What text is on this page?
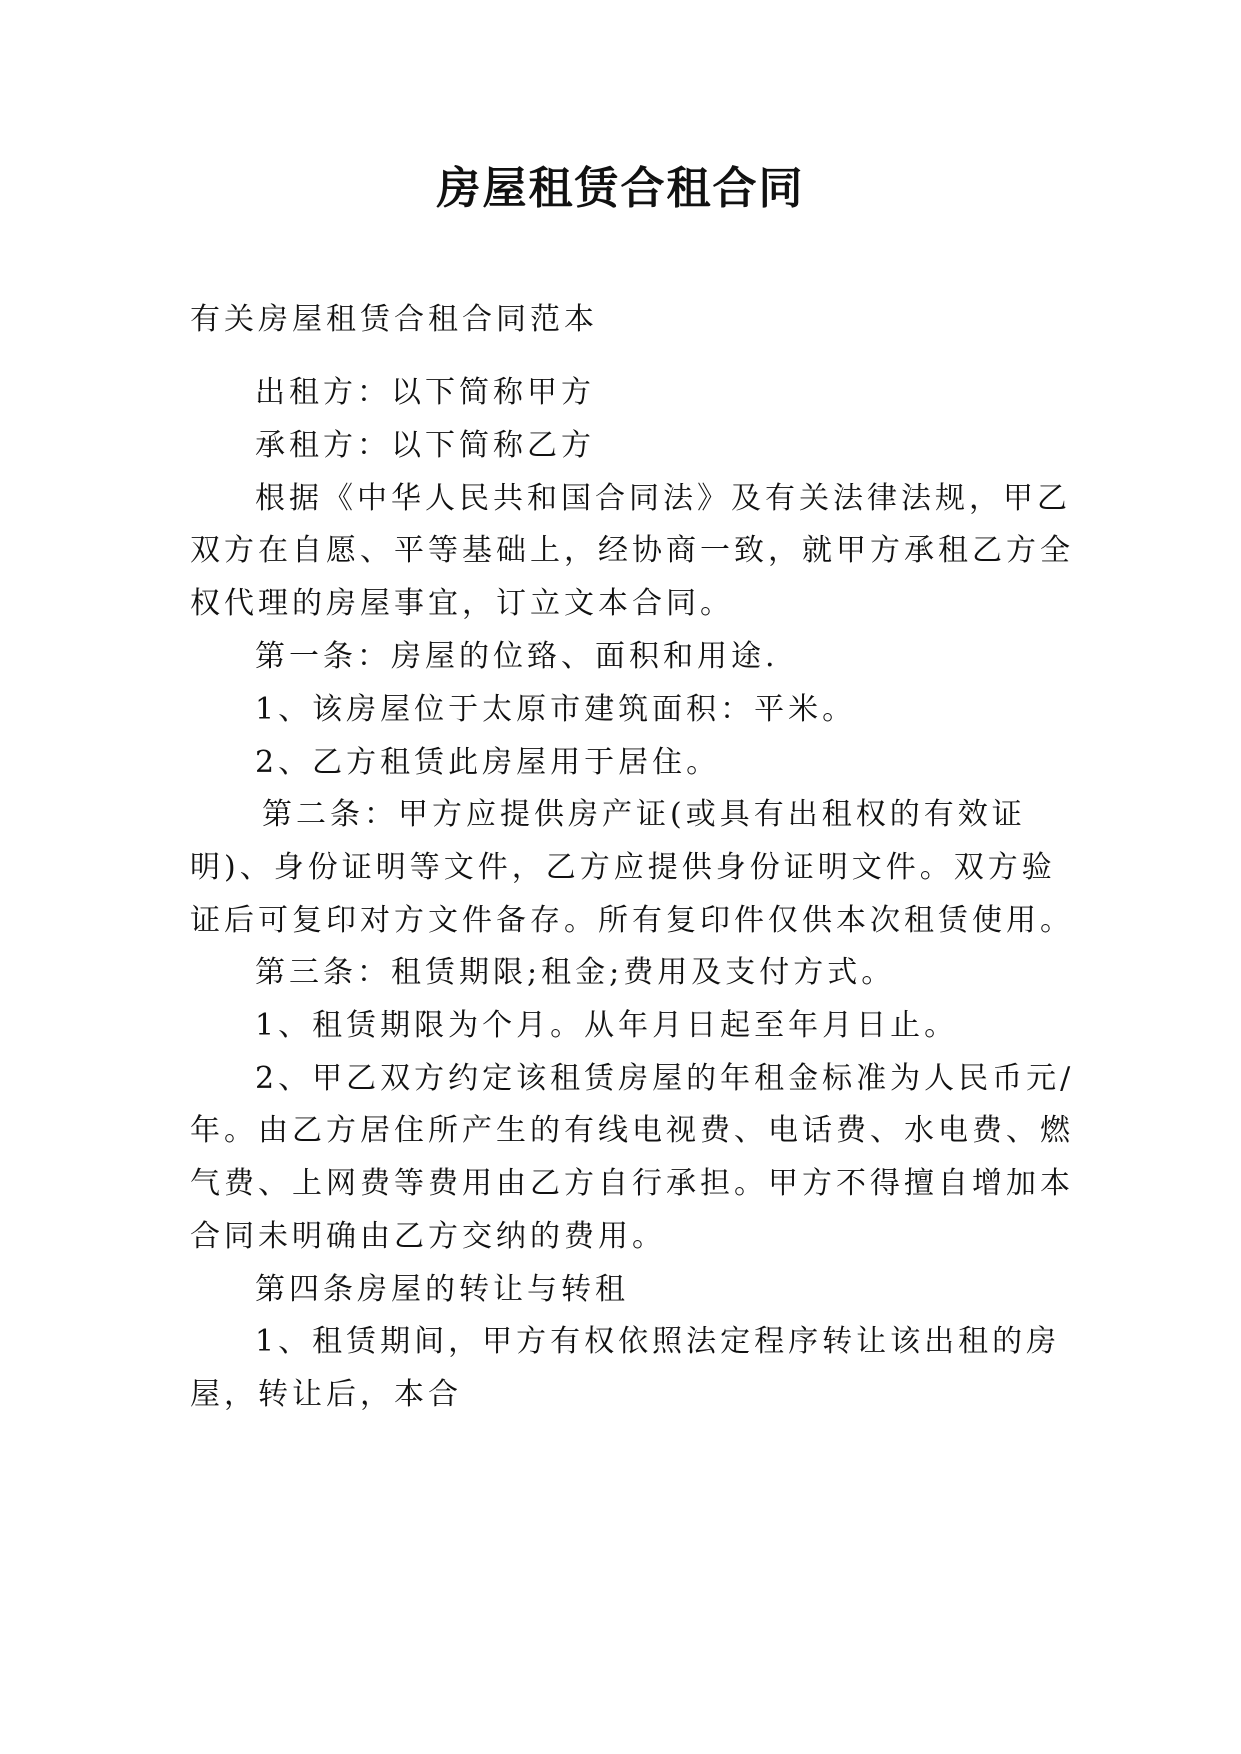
房屋租赁合租合同
有关房屋租赁合租合同范本
出租方：以下简称甲方
承租方：以下简称乙方
根据《中华人民共和国合同法》及有关法律法规，甲乙
双方在自愿、平等基础上，经协商一致，就甲方承租乙方全
权代理的房屋事宜，订立文本合同。
第一条：房屋的位臵、面积和用途.
1、该房屋位于太原市建筑面积：平米。
2、乙方租赁此房屋用于居住。
第二条：甲方应提供房产证(或具有出租权的有效证
明)、身份证明等文件，乙方应提供身份证明文件。双方验
证后可复印对方文件备存。所有复印件仅供本次租赁使用。
第三条：租赁期限;租金;费用及支付方式。
1、租赁期限为个月。从年月日起至年月日止。
2、甲乙双方约定该租赁房屋的年租金标准为人民币元/
年。由乙方居住所产生的有线电视费、电话费、水电费、燃
气费、上网费等费用由乙方自行承担。甲方不得擅自增加本
合同未明确由乙方交纳的费用。
第四条房屋的转让与转租
1、租赁期间，甲方有权依照法定程序转让该出租的房
屋，转让后，本合
